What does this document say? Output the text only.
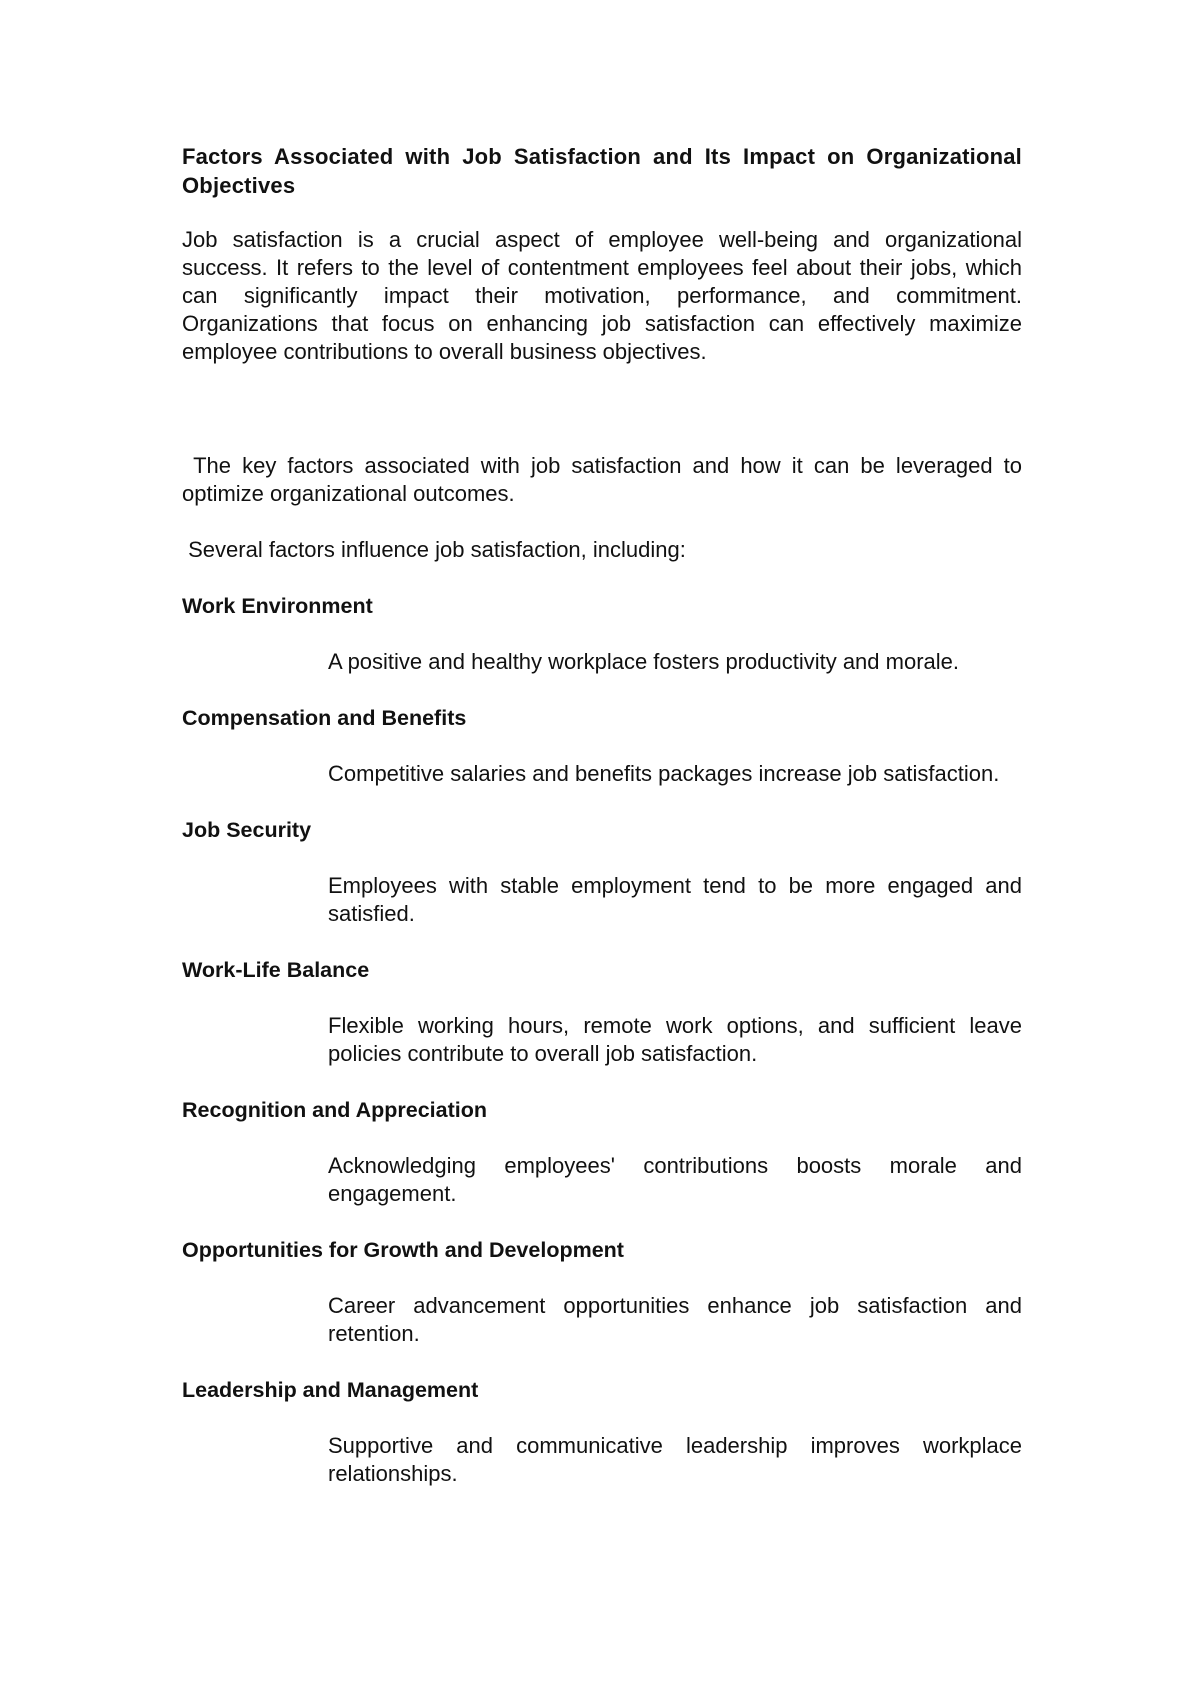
Factors Associated with Job Satisfaction and Its Impact on Organizational Objectives

Job satisfaction is a crucial aspect of employee well-being and organizational success. It refers to the level of contentment employees feel about their jobs, which can significantly impact their motivation, performance, and commitment. Organizations that focus on enhancing job satisfaction can effectively maximize employee contributions to overall business objectives.

The key factors associated with job satisfaction and how it can be leveraged to optimize organizational outcomes.

Several factors influence job satisfaction, including:

Work Environment

A positive and healthy workplace fosters productivity and morale.

Compensation and Benefits

Competitive salaries and benefits packages increase job satisfaction.

Job Security

Employees with stable employment tend to be more engaged and satisfied.

Work-Life Balance

Flexible working hours, remote work options, and sufficient leave policies contribute to overall job satisfaction.

Recognition and Appreciation

Acknowledging employees' contributions boosts morale and engagement.

Opportunities for Growth and Development

Career advancement opportunities enhance job satisfaction and retention.

Leadership and Management

Supportive and communicative leadership improves workplace relationships.
